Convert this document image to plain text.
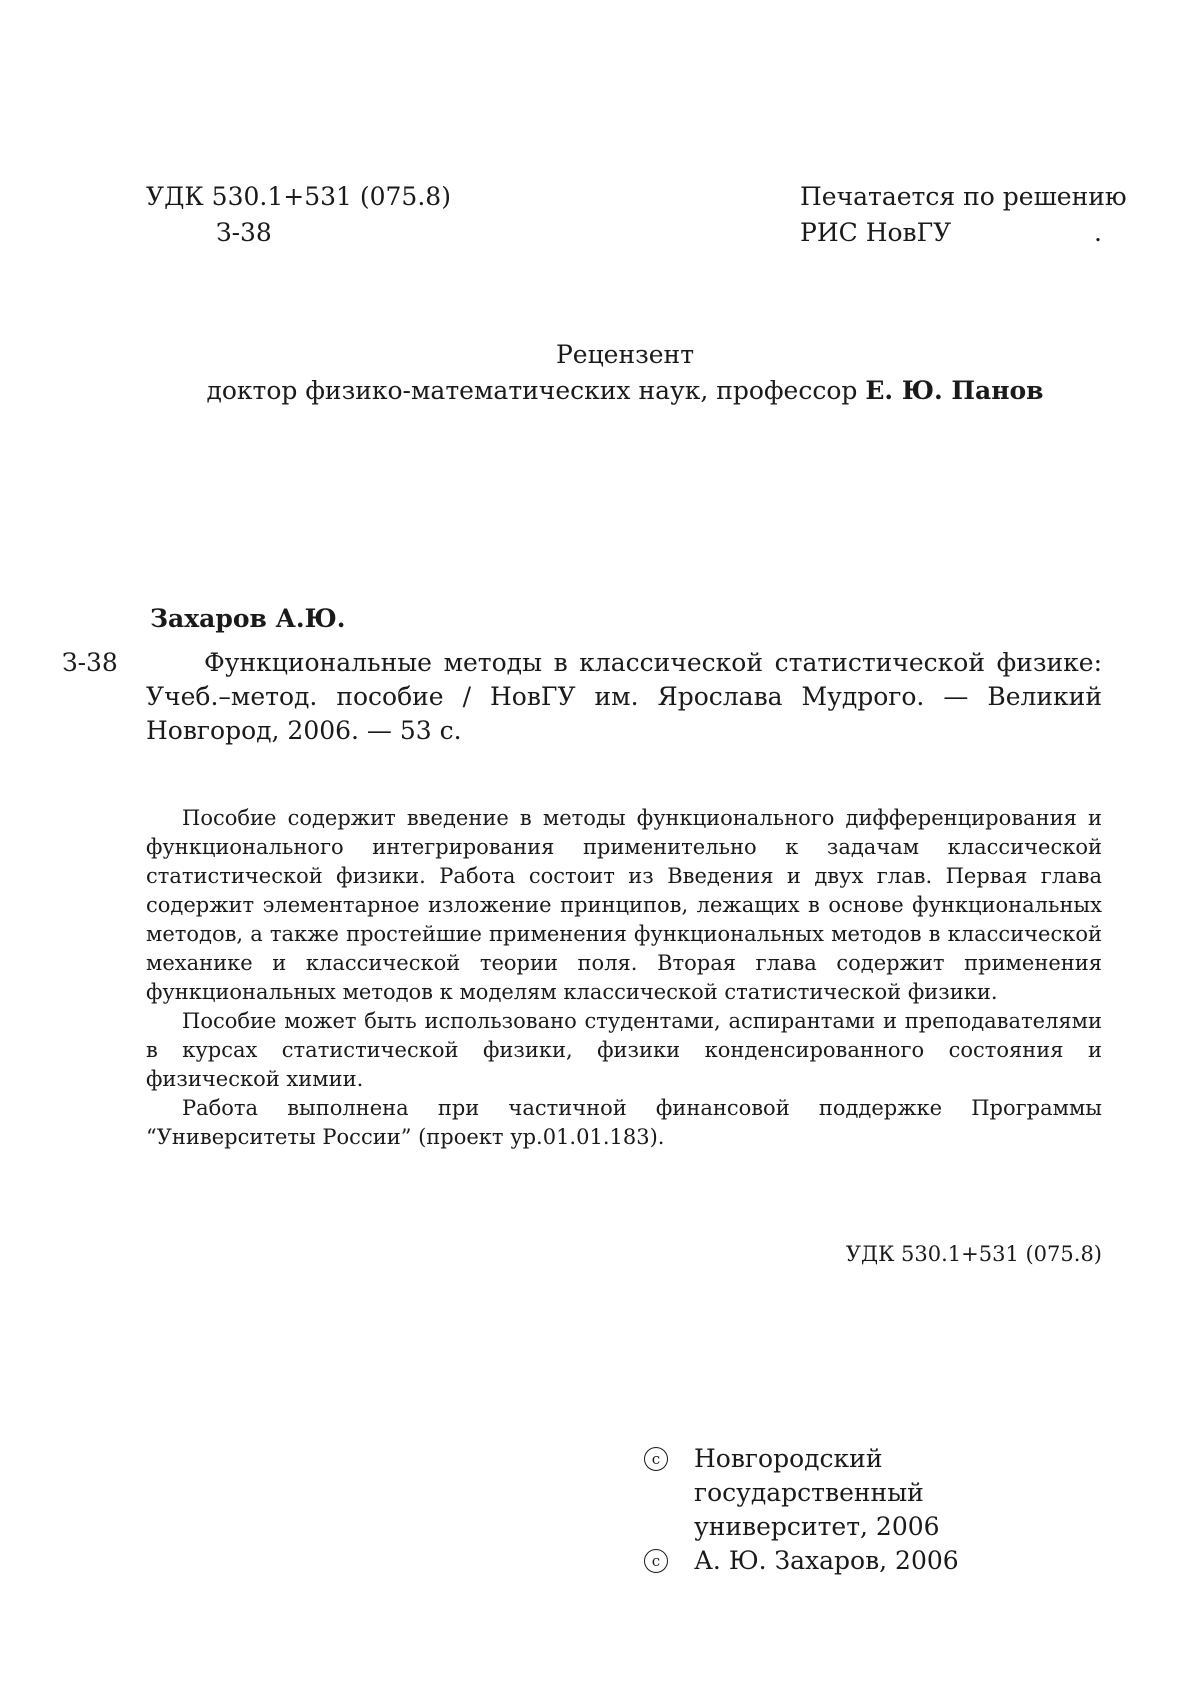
УДК 530.1+531 (075.8)
З-38
Печатается по решению
РИС НовГУ	.
Рецензент
доктор физико-математических наук, профессор Е. Ю. Панов
Захаров А.Ю.
З-38	Функциональные методы в классической статистической физике: Учеб.–метод. пособие / НовГУ им. Ярослава Мудрого. — Великий Новгород, 2006. — 53 с.

Пособие содержит введение в методы функционального дифференцирования и функционального интегрирования применительно к задачам классической статистической физики. Работа состоит из Введения и двух глав. Первая глава содержит элементарное изложение принципов, лежащих в основе функциональных методов, а также простейшие применения функциональных методов в классической механике и классической теории поля. Вторая глава содержит применения функциональных методов к моделям классической статистической физики.

Пособие может быть использовано студентами, аспирантами и преподавателями в курсах статистической физики, физики конденсированного состояния и физической химии.

Работа выполнена при частичной финансовой поддержке Программы “Университеты России” (проект ур.01.01.183).

УДК 530.1+531 (075.8)
c	Новгородский государственный университет, 2006
c	А. Ю. Захаров, 2006
